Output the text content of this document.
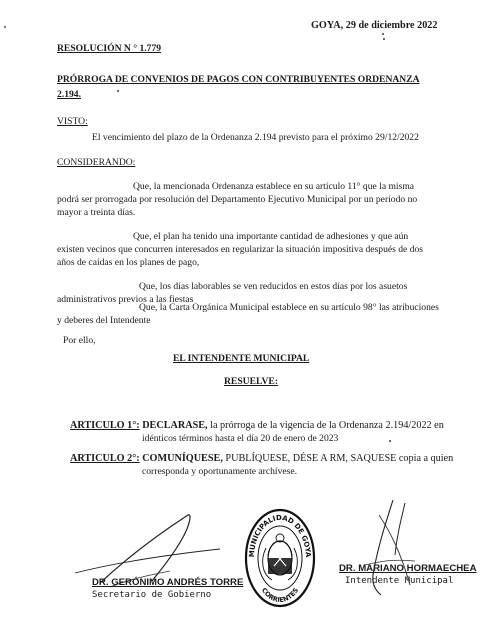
GOYA, 29 de diciembre 2022
RESOLUCIÓN N ° 1.779
PRÓRROGA DE CONVENIOS DE PAGOS CON CONTRIBUYENTES ORDENANZA
2.194.
VISTO:
El vencimiento del plazo de la Ordenanza 2.194 previsto para el próximo 29/12/2022
CONSIDERANDO:
Que, la mencionada Ordenanza establece en su artículo 11° que la misma
podrá ser prorrogada por resolución del Departamento Ejecutivo Municipal por un período no
mayor a treinta días.
Que, el plan ha tenido una importante cantidad de adhesiones y que aún
existen vecinos que concurren interesados en regularizar la situación impositiva después de dos
años de caídas en los planes de pago,
Que, los días laborables se ven reducidos en estos días por los asuetos
administrativos previos a las fiestas
Que, la Carta Orgánica Municipal establece en su artículo 98° las atribuciones
y deberes del Intendente
Por ello,
EL INTENDENTE MUNICIPAL
RESUELVE:
ARTICULO 1°: DECLARASE, la prórroga de la vigencia de la Ordenanza 2.194/2022 en
idénticos términos hasta el día 20 de enero de 2023
ARTICULO 2°: COMUNÍQUESE, PUBLÍQUESE, DÉSE A RM, SAQUESE copia a quien
corresponda y oportunamente archívese.
DR. GERÓNIMO ANDRÉS TORRE
Secretario de Gobierno
MUNICIPALIDAD DE GOYA
CORRIENTES
DR. MARIANO HORMAECHEA
Intendente Municipal
